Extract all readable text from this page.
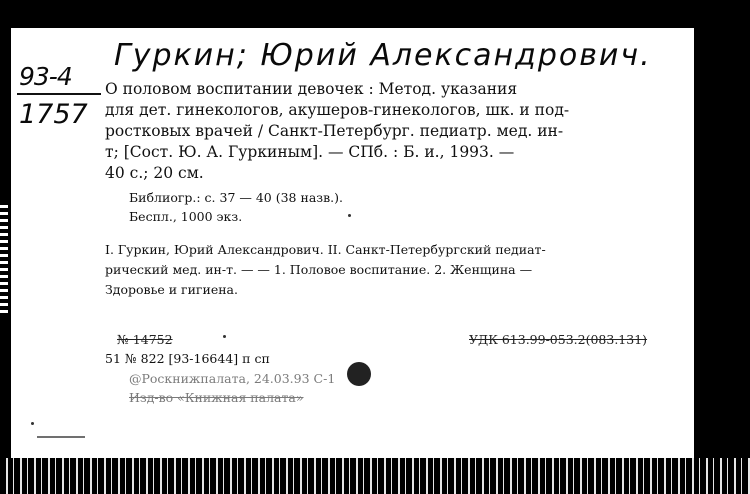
93-4
1757
Гуркин; Юрий Александрович.
О половом воспитании девочек : Метод. указания
для дет. гинекологов, акушеров-гинекологов, шк. и под-
ростковых врачей / Санкт-Петербург. педиатр. мед. ин-
т; [Сост. Ю. А. Гуркиным]. — СПб. : Б. и., 1993. —
40 с.; 20 см.
Библиогр.: с. 37 — 40 (38 назв.).
Беспл., 1000 экз.
I. Гуркин, Юрий Александрович. II. Санкт-Петербургский педиат-
рический мед. ин-т. — — 1. Половое воспитание. 2. Женщина —
Здоровье и гигиена.
№ 14752
51 № 822 [93-16644] п сп
@Роскнижпалата, 24.03.93 С-1
Изд-во «Книжная палата»
УДК 613.99-053.2(083.131)
